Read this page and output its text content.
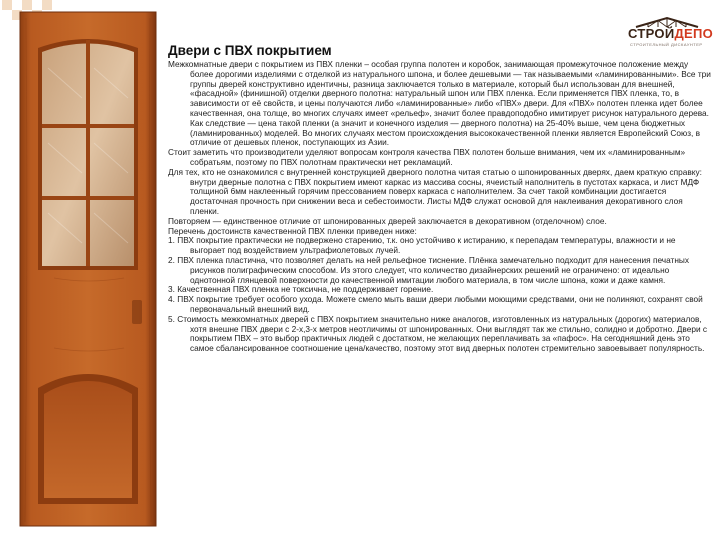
СТРОЙДЕПО
СТРОИТЕЛЬНЫЙ ДИСКАУНТЕР
Двери с ПВХ покрытием

Межкомнатные двери с покрытием из ПВХ пленки – особая группа полотен и коробок, занимающая промежуточное положение между более дорогими изделиями с отделкой из натурального шпона, и более дешевыми — так называемыми «ламинированными». Все три группы дверей конструктивно идентичны, разница заключается только в материале, который был использован для внешней, «фасадной» (финишной) отделки дверного полотна: натуральный шпон или ПВХ пленка. Если применяется ПВХ пленка, то, в зависимости от её свойств, и цены получаются либо «ламинированные» либо «ПВХ» двери. Для «ПВХ» полотен пленка идет более качественная, она толще, во многих случаях имеет «рельеф», значит более правдоподобно имитирует рисунок натурального дерева. Как следствие — цена такой пленки (а значит и конечного изделия — дверного полотна) на 25-40% выше, чем цена бюджетных (ламинированных) моделей. Во многих случаях местом происхождения высококачественной пленки является Европейский Союз, в отличие от дешевых пленок, поступающих из Азии.

Стоит заметить что производители уделяют вопросам контроля качества ПВХ полотен больше внимания, чем их «ламинированным» собратьям, поэтому по ПВХ полотнам практически нет рекламаций.

Для тех, кто не ознакомился с внутренней конструкцией дверного полотна читая статью о шпонированных дверях, даем краткую справку: внутри дверные полотна с ПВХ покрытием имеют каркас из массива сосны, ячеистый наполнитель в пустотах каркаса, и лист МДФ толщиной 6мм наклеенный горячим прессованием поверх каркаса с наполнителем. За счет такой комбинации достигается достаточная прочность при снижении веса и себестоимости. Листы МДФ служат основой для наклеивания декоративного слоя пленки.

Повторяем — единственное отличие от шпонированных дверей заключается в декоративном (отделочном) слое.

Перечень достоинств качественной ПВХ пленки приведен ниже:

1. ПВХ покрытие практически не подвержено старению, т.к. оно устойчиво к истиранию, к перепадам температуры, влажности и не выгорает под воздействием ультрафиолетовых лучей.

2. ПВХ пленка пластична, что позволяет делать на ней рельефное тиснение. Плёнка замечательно подходит для нанесения печатных рисунков полиграфическим способом. Из этого следует, что количество дизайнерских решений не ограничено: от идеально однотонной глянцевой поверхности до качественной имитации любого материала, в том числе шпона, кожи и даже камня.

3. Качественная ПВХ пленка не токсична, не поддерживает горение.

4. ПВХ покрытие требует особого ухода. Можете смело мыть ваши двери любыми моющими средствами, они не полиняют, сохранят свой первоначальный внешний вид.

5. Стоимость межкомнатных дверей с ПВХ покрытием значительно ниже аналогов, изготовленных из натуральных (дорогих) материалов, хотя внешне ПВХ двери с 2-х,3-х метров неотличимы от шпонированных. Они выглядят так же стильно, солидно и добротно. Двери с покрытием ПВХ – это выбор практичных людей с достатком, не желающих переплачивать за «пафос». На сегодняшний день это самое сбалансированное соотношение цена/качество, поэтому этот вид дверных полотен стремительно завоевывает популярность.
